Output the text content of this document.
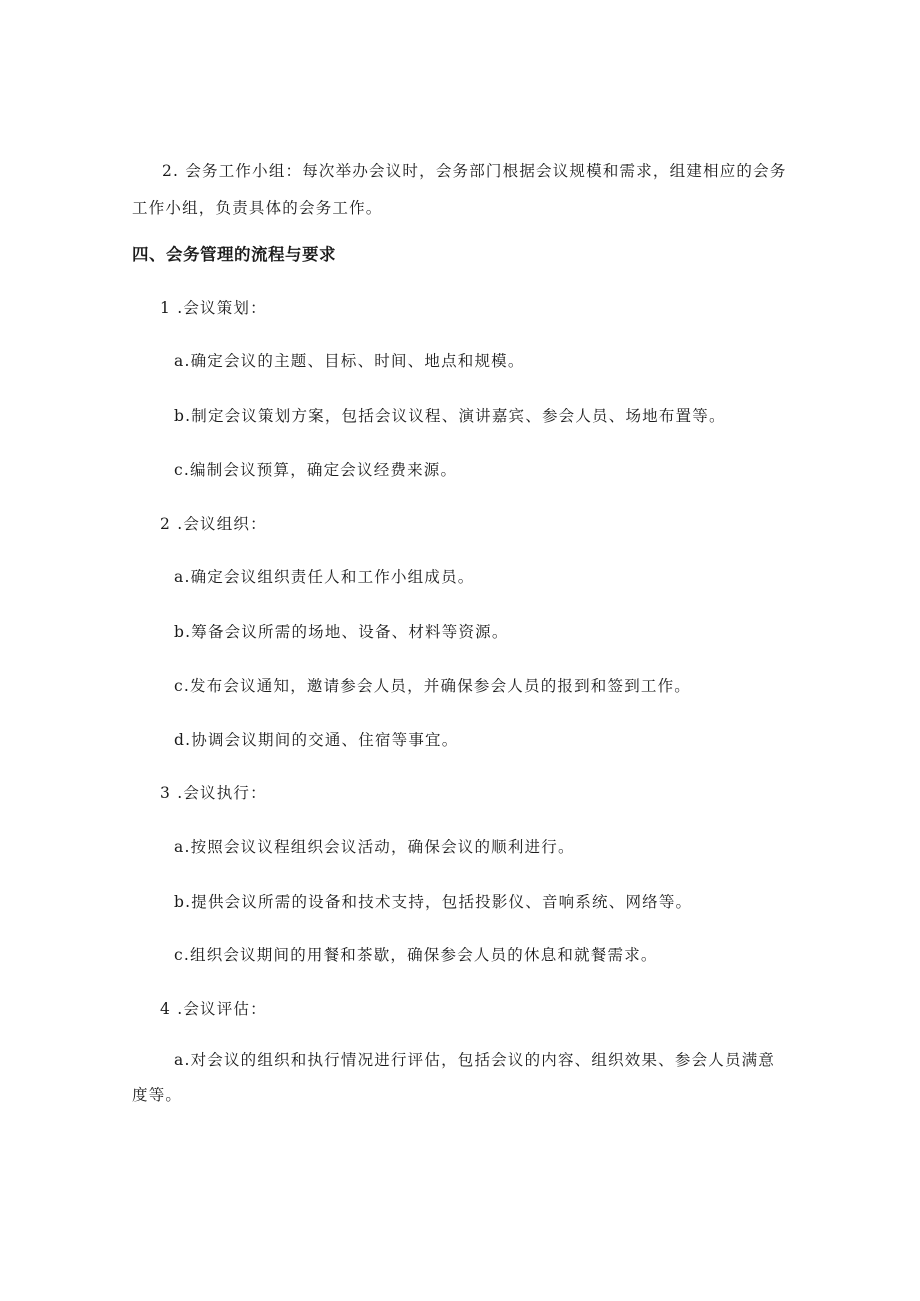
2. 会务工作小组：每次举办会议时，会务部门根据会议规模和需求，组建相应的会务
工作小组，负责具体的会务工作。
四、会务管理的流程与要求
1 .会议策划：
a.确定会议的主题、目标、时间、地点和规模。
b.制定会议策划方案，包括会议议程、演讲嘉宾、参会人员、场地布置等。
c.编制会议预算，确定会议经费来源。
2 .会议组织：
a.确定会议组织责任人和工作小组成员。
b.筹备会议所需的场地、设备、材料等资源。
c.发布会议通知，邀请参会人员，并确保参会人员的报到和签到工作。
d.协调会议期间的交通、住宿等事宜。
3 .会议执行：
a.按照会议议程组织会议活动，确保会议的顺利进行。
b.提供会议所需的设备和技术支持，包括投影仪、音响系统、网络等。
c.组织会议期间的用餐和茶歇，确保参会人员的休息和就餐需求。
4 .会议评估：
a.对会议的组织和执行情况进行评估，包括会议的内容、组织效果、参会人员满意
度等。
